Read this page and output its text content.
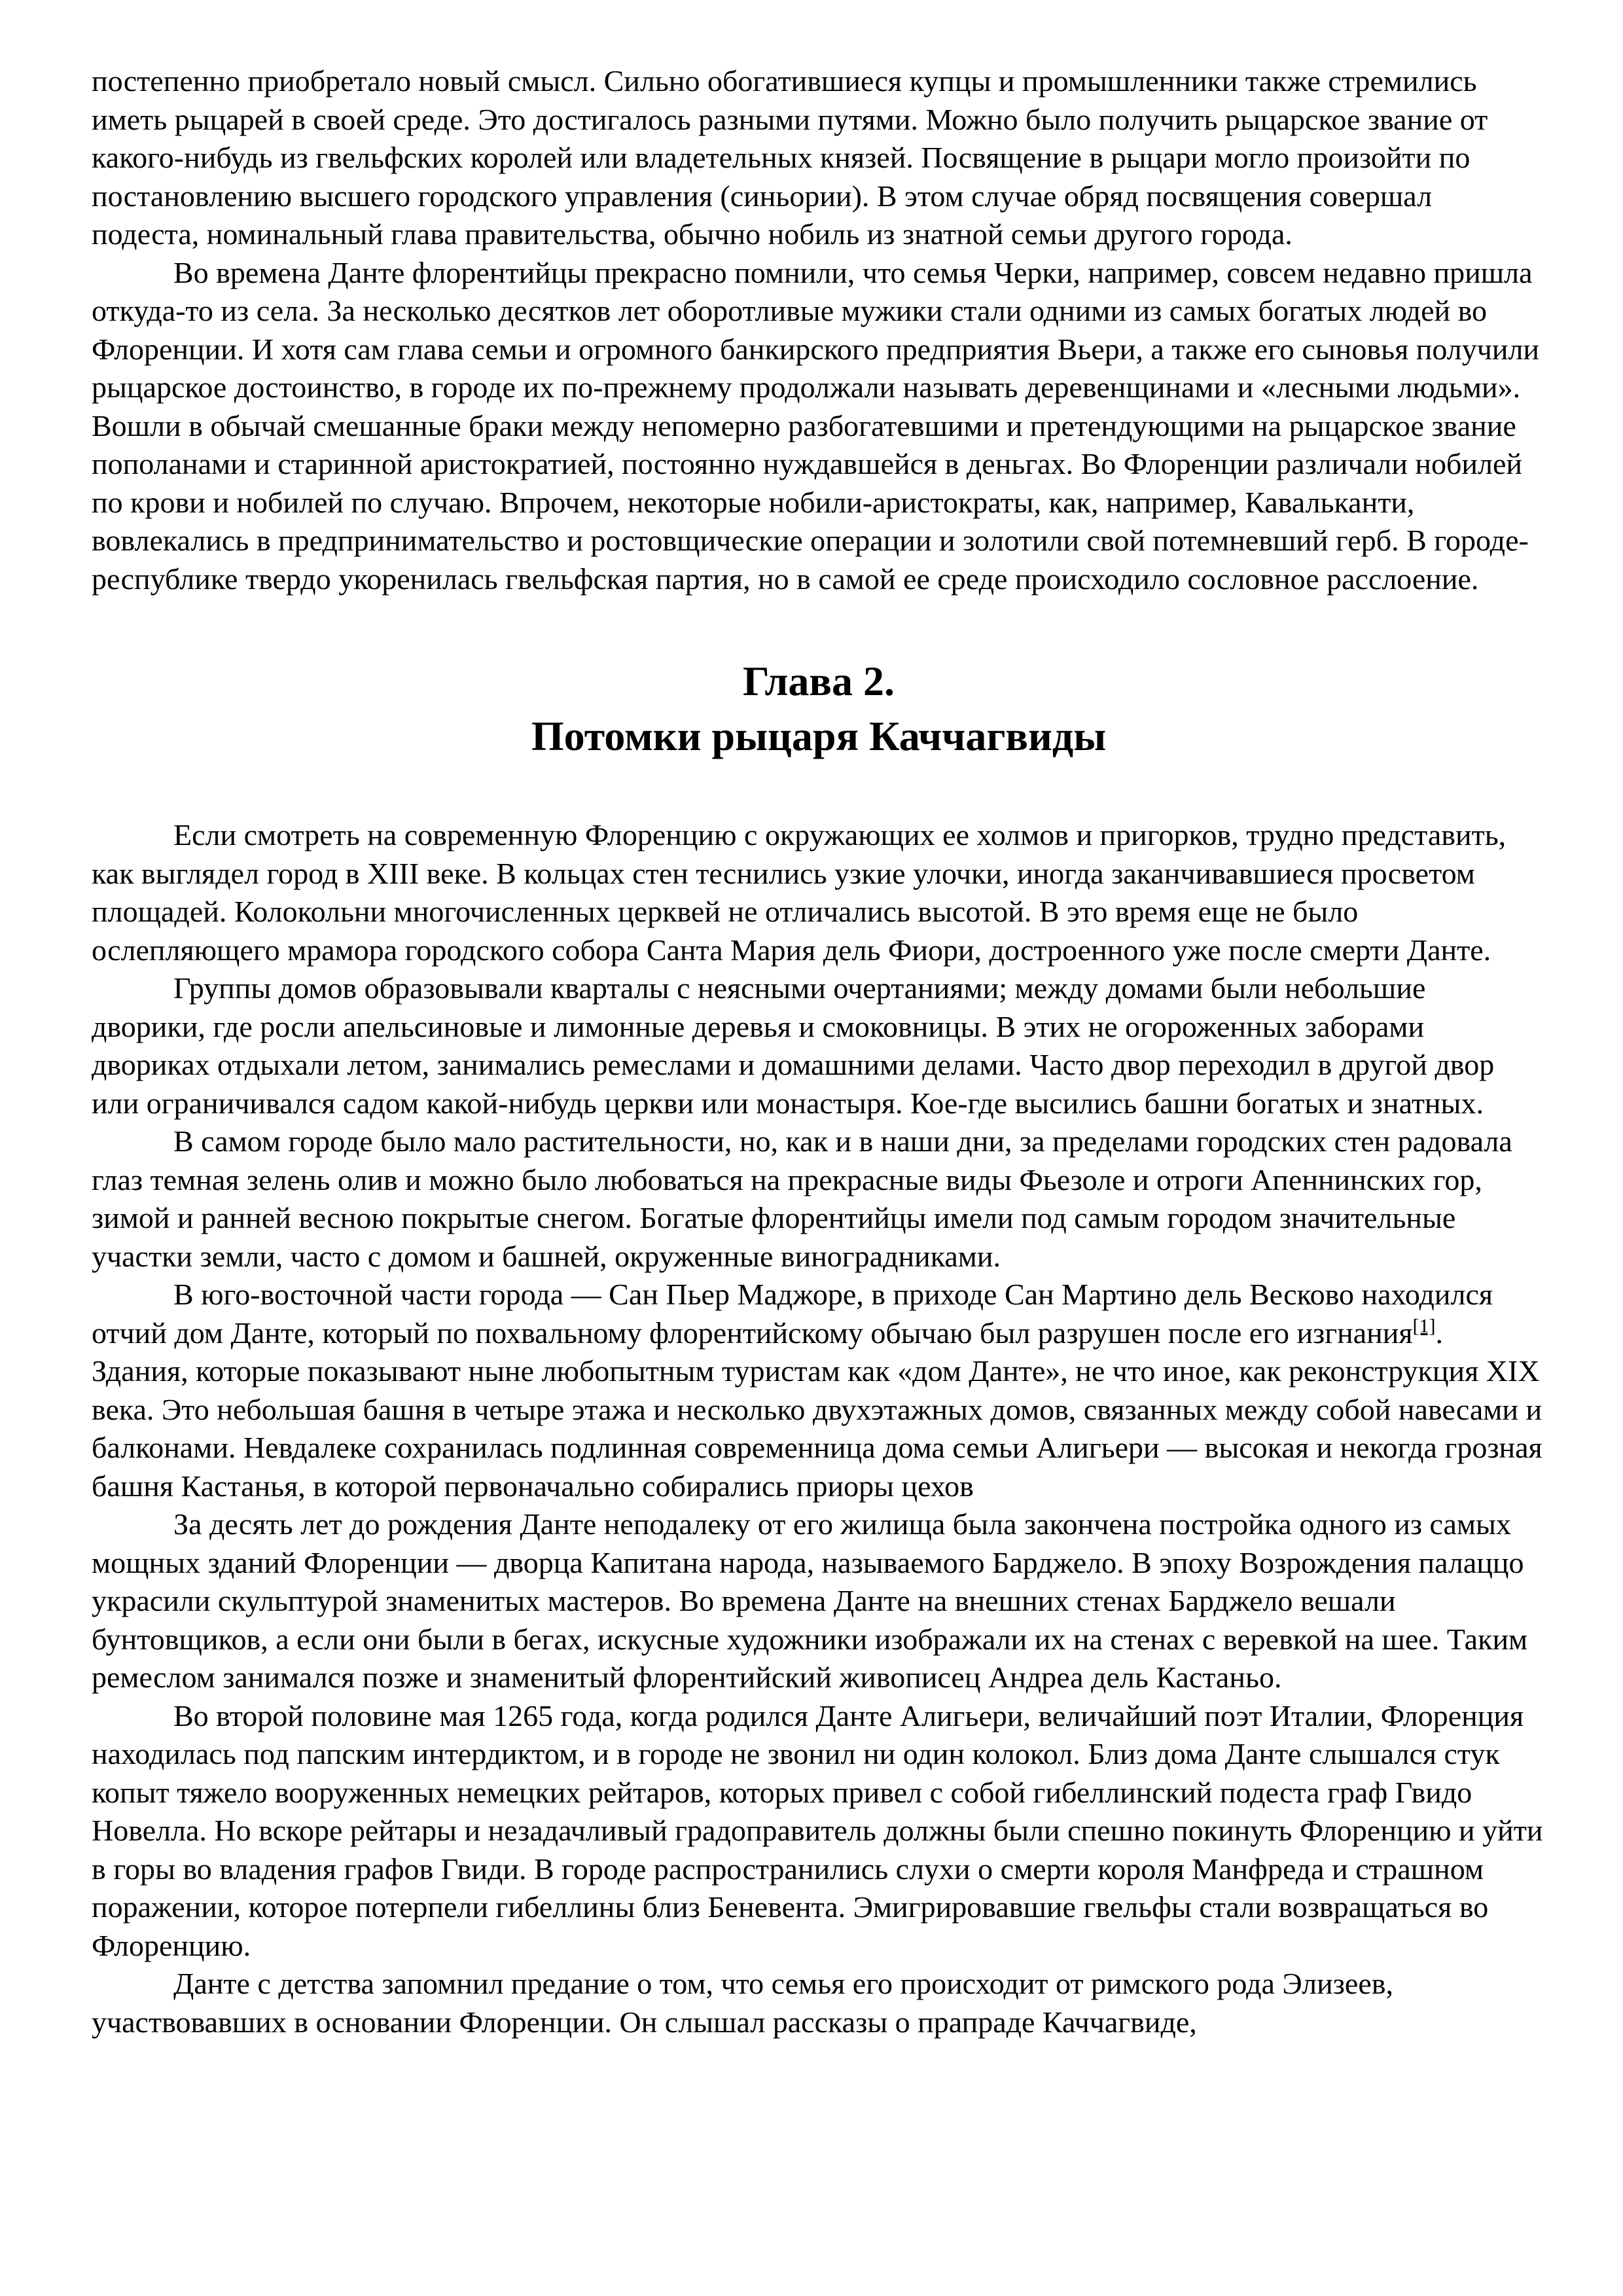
постепенно приобретало новый смысл. Сильно обогатившиеся купцы и промышленники также стремились иметь рыцарей в своей среде. Это достигалось разными путями. Можно было получить рыцарское звание от какого-нибудь из гвельфских королей или владетельных князей. Посвящение в рыцари могло произойти по постановлению высшего городского управления (синьории). В этом случае обряд посвящения совершал подеста, номинальный глава правительства, обычно нобиль из знатной семьи другого города.

Во времена Данте флорентийцы прекрасно помнили, что семья Черки, например, совсем недавно пришла откуда-то из села. За несколько десятков лет оборотливые мужики стали одними из самых богатых людей во Флоренции. И хотя сам глава семьи и огромного банкирского предприятия Вьери, а также его сыновья получили рыцарское достоинство, в городе их по-прежнему продолжали называть деревенщинами и «лесными людьми». Вошли в обычай смешанные браки между непомерно разбогатевшими и претендующими на рыцарское звание пополанами и старинной аристократией, постоянно нуждавшейся в деньгах. Во Флоренции различали нобилей по крови и нобилей по случаю. Впрочем, некоторые нобили-аристократы, как, например, Кавальканти, вовлекались в предпринимательство и ростовщические операции и золотили свой потемневший герб. В городе-республике твердо укоренилась гвельфская партия, но в самой ее среде происходило сословное расслоение.

Глава 2.
Потомки рыцаря Каччагвиды

Если смотреть на современную Флоренцию с окружающих ее холмов и пригорков, трудно представить, как выглядел город в XIII веке. В кольцах стен теснились узкие улочки, иногда заканчивавшиеся просветом площадей. Колокольни многочисленных церквей не отличались высотой. В это время еще не было ослепляющего мрамора городского собора Санта Мария дель Фиори, достроенного уже после смерти Данте.

Группы домов образовывали кварталы с неясными очертаниями; между домами были небольшие дворики, где росли апельсиновые и лимонные деревья и смоковницы. В этих не огороженных заборами двориках отдыхали летом, занимались ремеслами и домашними делами. Часто двор переходил в другой двор или ограничивался садом какой-нибудь церкви или монастыря. Кое-где высились башни богатых и знатных.

В самом городе было мало растительности, но, как и в наши дни, за пределами городских стен радовала глаз темная зелень олив и можно было любоваться на прекрасные виды Фьезоле и отроги Апеннинских гор, зимой и ранней весною покрытые снегом. Богатые флорентийцы имели под самым городом значительные участки земли, часто с домом и башней, окруженные виноградниками.

В юго-восточной части города — Сан Пьер Маджоре, в приходе Сан Мартино дель Весково находился отчий дом Данте, который по похвальному флорентийскому обычаю был разрушен после его изгнания[1]. Здания, которые показывают ныне любопытным туристам как «дом Данте», не что иное, как реконструкция XIX века. Это небольшая башня в четыре этажа и несколько двухэтажных домов, связанных между собой навесами и балконами. Невдалеке сохранилась подлинная современница дома семьи Алигьери — высокая и некогда грозная башня Кастанья, в которой первоначально собирались приоры цехов

За десять лет до рождения Данте неподалеку от его жилища была закончена постройка одного из самых мощных зданий Флоренции — дворца Капитана народа, называемого Барджело. В эпоху Возрождения палаццо украсили скульптурой знаменитых мастеров. Во времена Данте на внешних стенах Барджело вешали бунтовщиков, а если они были в бегах, искусные художники изображали их на стенах с веревкой на шее. Таким ремеслом занимался позже и знаменитый флорентийский живописец Андреа дель Кастаньо.

Во второй половине мая 1265 года, когда родился Данте Алигьери, величайший поэт Италии, Флоренция находилась под папским интердиктом, и в городе не звонил ни один колокол. Близ дома Данте слышался стук копыт тяжело вооруженных немецких рейтаров, которых привел с собой гибеллинский подеста граф Гвидо Новелла. Но вскоре рейтары и незадачливый градоправитель должны были спешно покинуть Флоренцию и уйти в горы во владения графов Гвиди. В городе распространились слухи о смерти короля Манфреда и страшном поражении, которое потерпели гибеллины близ Беневента. Эмигрировавшие гвельфы стали возвращаться во Флоренцию.

Данте с детства запомнил предание о том, что семья его происходит от римского рода Элизеев, участвовавших в основании Флоренции. Он слышал рассказы о прапраде Каччагвиде,
